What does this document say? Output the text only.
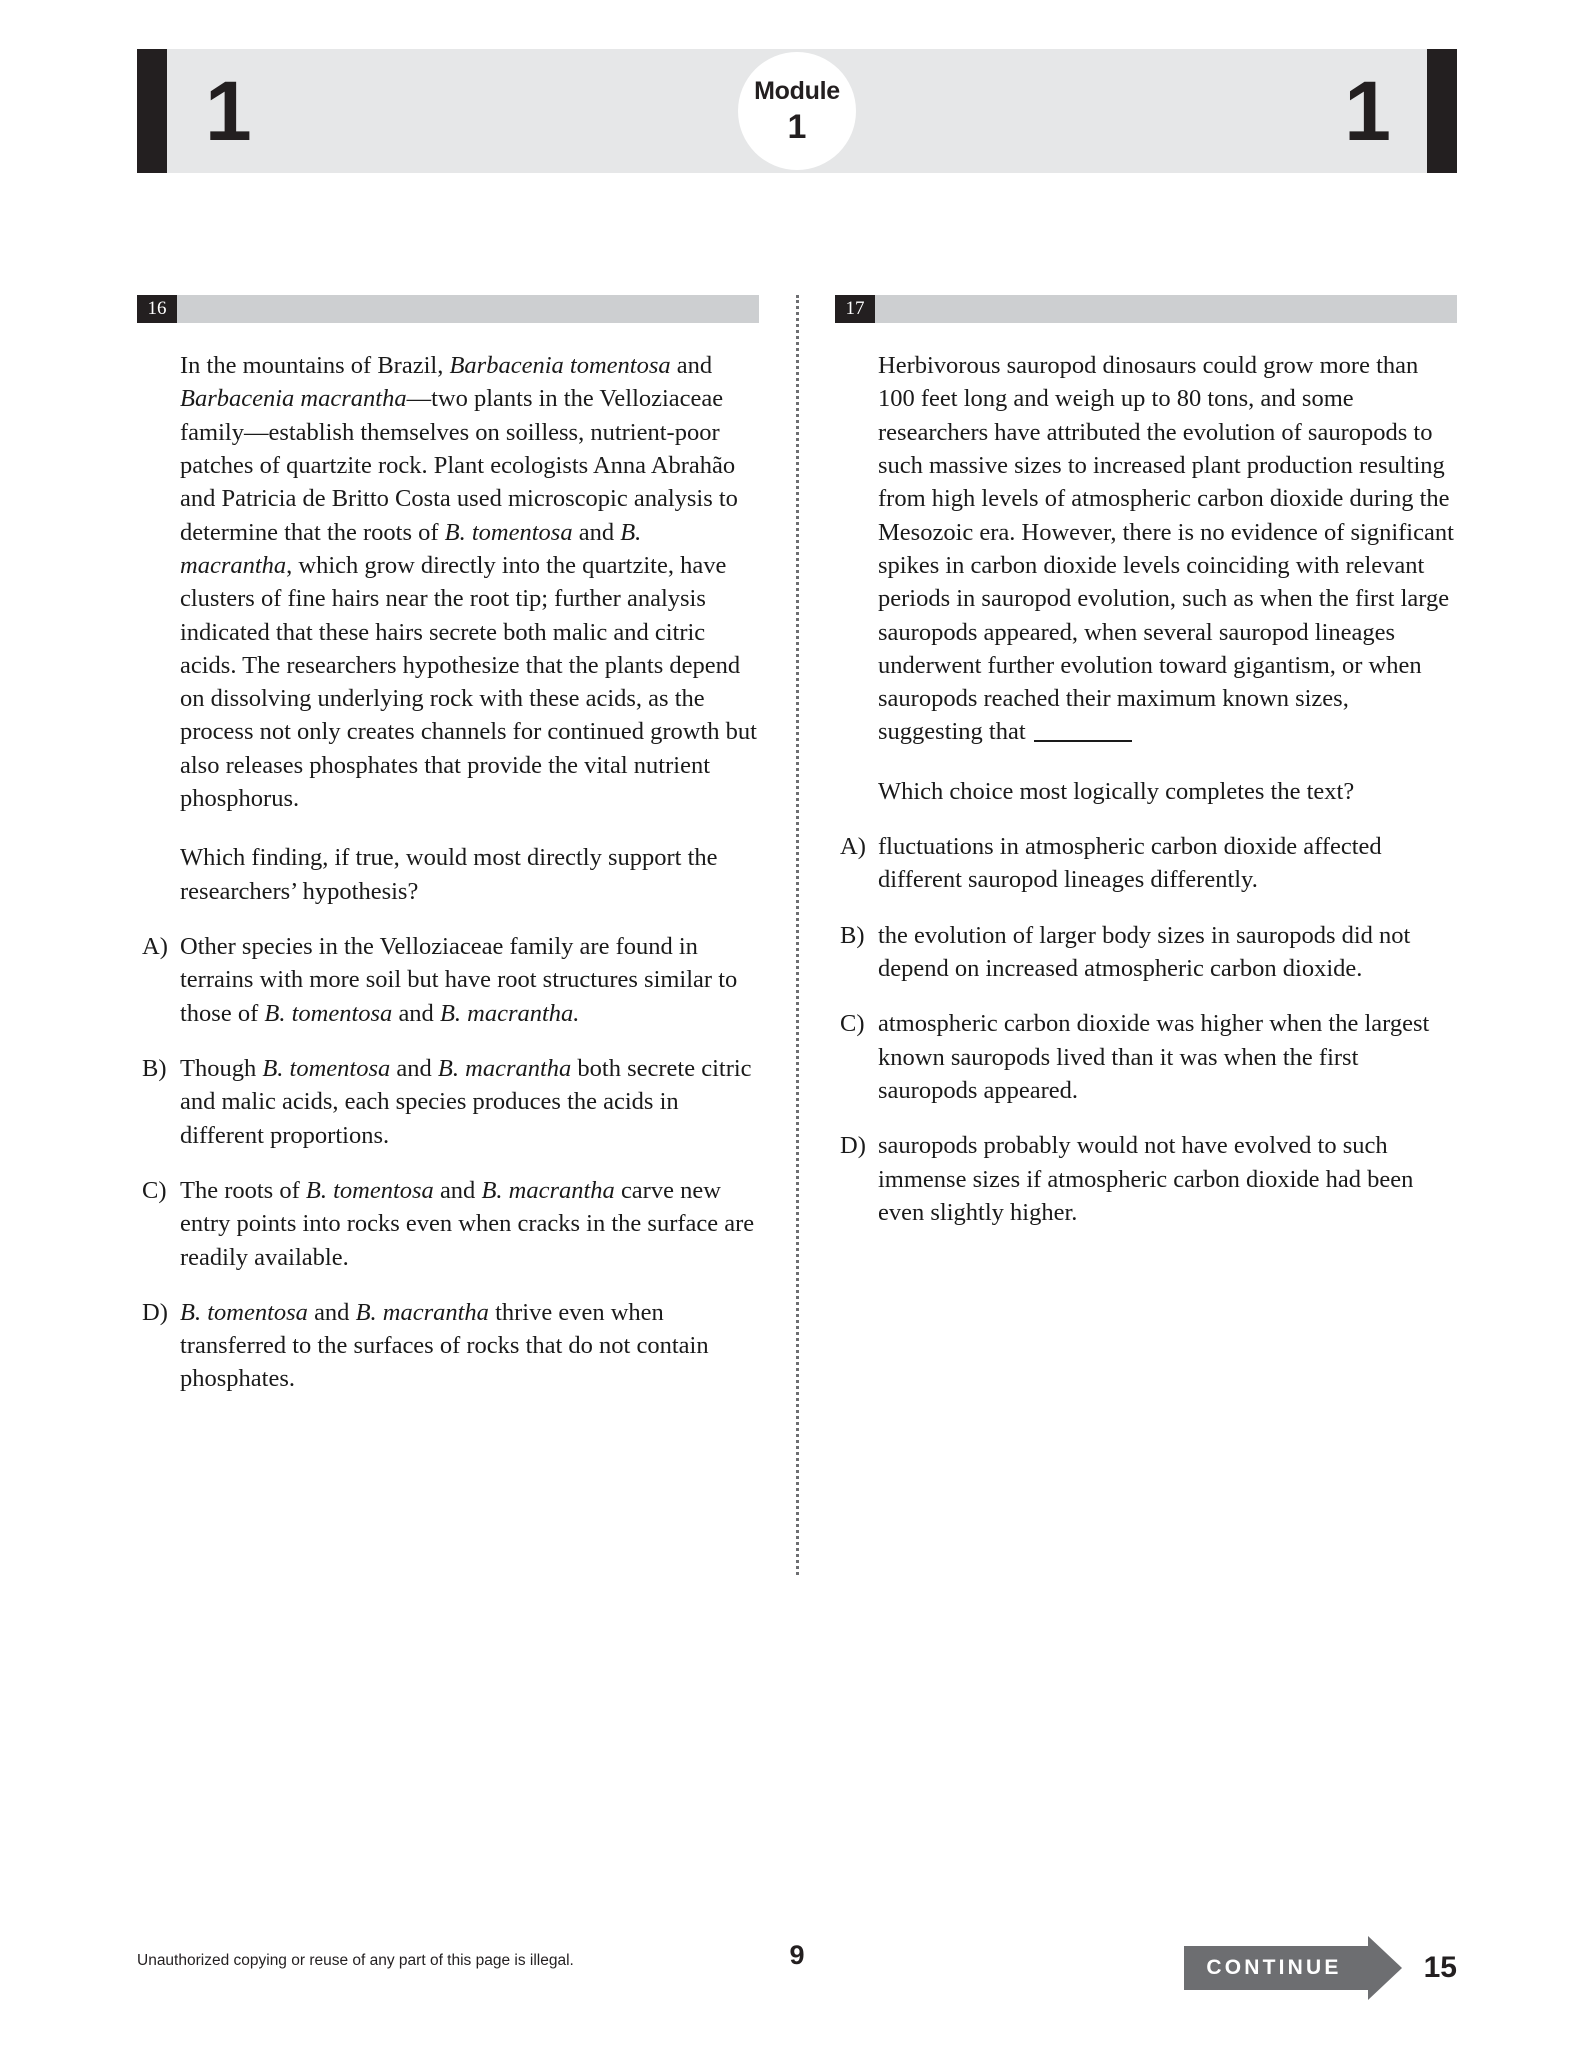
1	Module
1	1
16

In the mountains of Brazil, Barbacenia tomentosa and Barbacenia macrantha—two plants in the Velloziaceae family—establish themselves on soilless, nutrient-poor patches of quartzite rock. Plant ecologists Anna Abrahão and Patricia de Britto Costa used microscopic analysis to determine that the roots of B. tomentosa and B. macrantha, which grow directly into the quartzite, have clusters of fine hairs near the root tip; further analysis indicated that these hairs secrete both malic and citric acids. The researchers hypothesize that the plants depend on dissolving underlying rock with these acids, as the process not only creates channels for continued growth but also releases phosphates that provide the vital nutrient phosphorus.

Which finding, if true, would most directly support the researchers’ hypothesis?

A) Other species in the Velloziaceae family are found in terrains with more soil but have root structures similar to those of B. tomentosa and B. macrantha.
B) Though B. tomentosa and B. macrantha both secrete citric and malic acids, each species produces the acids in different proportions.
C) The roots of B. tomentosa and B. macrantha carve new entry points into rocks even when cracks in the surface are readily available.
D) B. tomentosa and B. macrantha thrive even when transferred to the surfaces of rocks that do not contain phosphates.
17

Herbivorous sauropod dinosaurs could grow more than 100 feet long and weigh up to 80 tons, and some researchers have attributed the evolution of sauropods to such massive sizes to increased plant production resulting from high levels of atmospheric carbon dioxide during the Mesozoic era. However, there is no evidence of significant spikes in carbon dioxide levels coinciding with relevant periods in sauropod evolution, such as when the first large sauropods appeared, when several sauropod lineages underwent further evolution toward gigantism, or when sauropods reached their maximum known sizes, suggesting that

Which choice most logically completes the text?

A) fluctuations in atmospheric carbon dioxide affected different sauropod lineages differently.
B) the evolution of larger body sizes in sauropods did not depend on increased atmospheric carbon dioxide.
C) atmospheric carbon dioxide was higher when the largest known sauropods lived than it was when the first sauropods appeared.
D) sauropods probably would not have evolved to such immense sizes if atmospheric carbon dioxide had been even slightly higher.
Unauthorized copying or reuse of any part of this page is illegal.	9	CONTINUE	15
